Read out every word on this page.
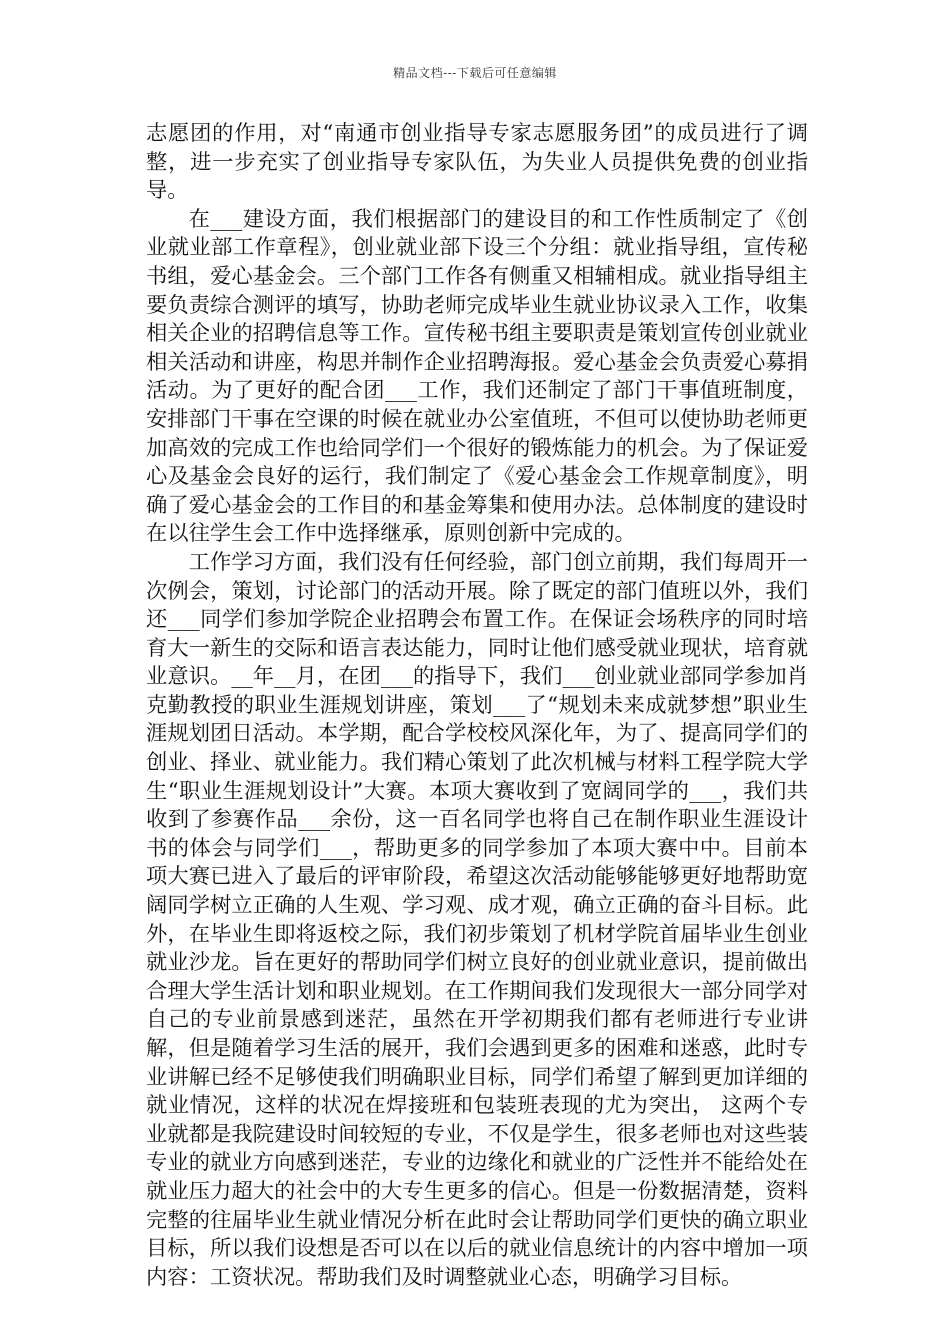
精品文档---下载后可任意编辑

志愿团的作用，对“南通市创业指导专家志愿服务团”的成员进行了调整，进一步充实了创业指导专家队伍，为失业人员提供免费的创业指导。

在___建设方面，我们根据部门的建设目的和工作性质制定了《创业就业部工作章程》，创业就业部下设三个分组：就业指导组，宣传秘书组，爱心基金会。三个部门工作各有侧重又相辅相成。就业指导组主要负责综合测评的填写，协助老师完成毕业生就业协议录入工作，收集相关企业的招聘信息等工作。宣传秘书组主要职责是策划宣传创业就业相关活动和讲座，构思并制作企业招聘海报。爱心基金会负责爱心募捐活动。为了更好的配合团___工作，我们还制定了部门干事值班制度，安排部门干事在空课的时候在就业办公室值班，不但可以使协助老师更加高效的完成工作也给同学们一个很好的锻炼能力的机会。为了保证爱心及基金会良好的运行，我们制定了《爱心基金会工作规章制度》，明确了爱心基金会的工作目的和基金筹集和使用办法。总体制度的建设时在以往学生会工作中选择继承，原则创新中完成的。

工作学习方面，我们没有任何经验，部门创立前期，我们每周开一次例会，策划，讨论部门的活动开展。除了既定的部门值班以外，我们还___同学们参加学院企业招聘会布置工作。在保证会场秩序的同时培育大一新生的交际和语言表达能力，同时让他们感受就业现状，培育就业意识。__年__月，在团___的指导下，我们___创业就业部同学参加肖克勤教授的职业生涯规划讲座，策划___了“规划未来成就梦想”职业生涯规划团日活动。本学期，配合学校校风深化年，为了、提高同学们的创业、择业、就业能力。我们精心策划了此次机械与材料工程学院大学生“职业生涯规划设计”大赛。本项大赛收到了宽阔同学的___，我们共收到了参赛作品___余份，这一百名同学也将自己在制作职业生涯设计书的体会与同学们___，帮助更多的同学参加了本项大赛中中。目前本项大赛已进入了最后的评审阶段，希望这次活动能够能够更好地帮助宽阔同学树立正确的人生观、学习观、成才观，确立正确的奋斗目标。此外，在毕业生即将返校之际，我们初步策划了机材学院首届毕业生创业就业沙龙。旨在更好的帮助同学们树立良好的创业就业意识，提前做出合理大学生活计划和职业规划。在工作期间我们发现很大一部分同学对自己的专业前景感到迷茫，虽然在开学初期我们都有老师进行专业讲解，但是随着学习生活的展开，我们会遇到更多的困难和迷惑，此时专业讲解已经不足够使我们明确职业目标，同学们希望了解到更加详细的就业情况，这样的状况在焊接班和包装班表现的尤为突出， 这两个专业就都是我院建设时间较短的专业，不仅是学生，很多老师也对这些装专业的就业方向感到迷茫，专业的边缘化和就业的广泛性并不能给处在就业压力超大的社会中的大专生更多的信心。但是一份数据清楚，资料完整的往届毕业生就业情况分析在此时会让帮助同学们更快的确立职业目标，所以我们设想是否可以在以后的就业信息统计的内容中增加一项内容：工资状况。帮助我们及时调整就业心态，明确学习目标。
